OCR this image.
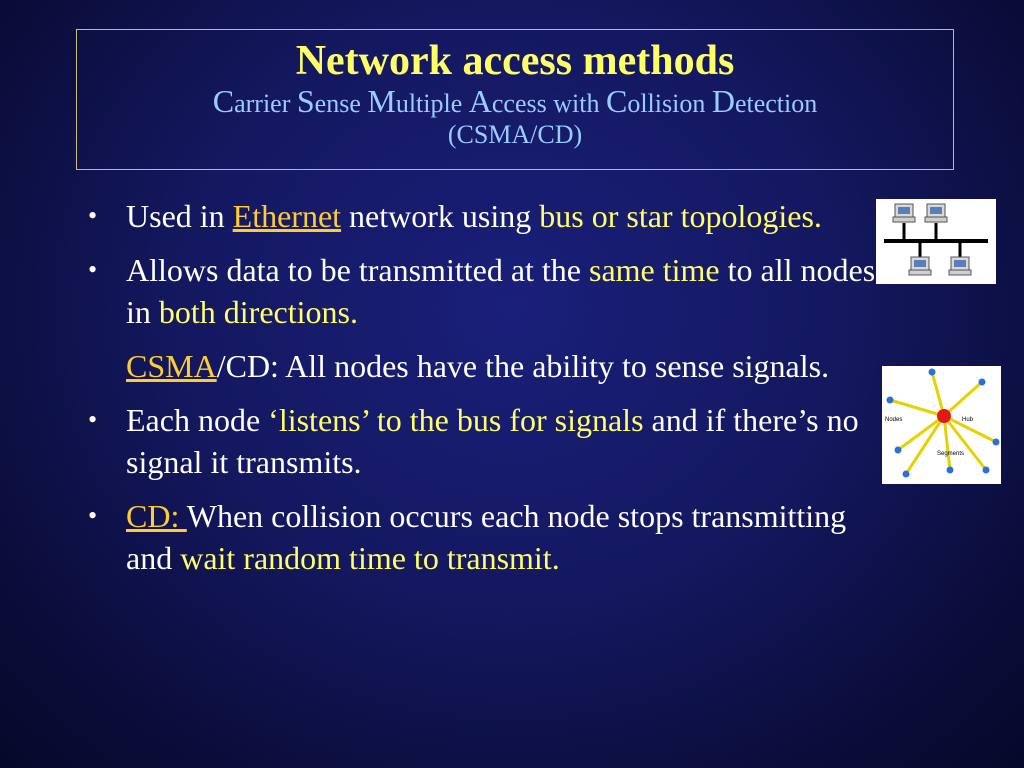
Network access methods
Carrier Sense Multiple Access with Collision Detection
(CSMA/CD)
• Used in Ethernet network using bus or star topologies.
• Allows data to be transmitted at the same time to all nodes in both directions.
CSMA/CD: All nodes have the ability to sense signals.
• Each node ‘listens’ to the bus for signals and if there’s no signal it transmits.
• CD: When collision occurs each node stops transmitting and wait random time to transmit.
Nodes	Hub
Segments
